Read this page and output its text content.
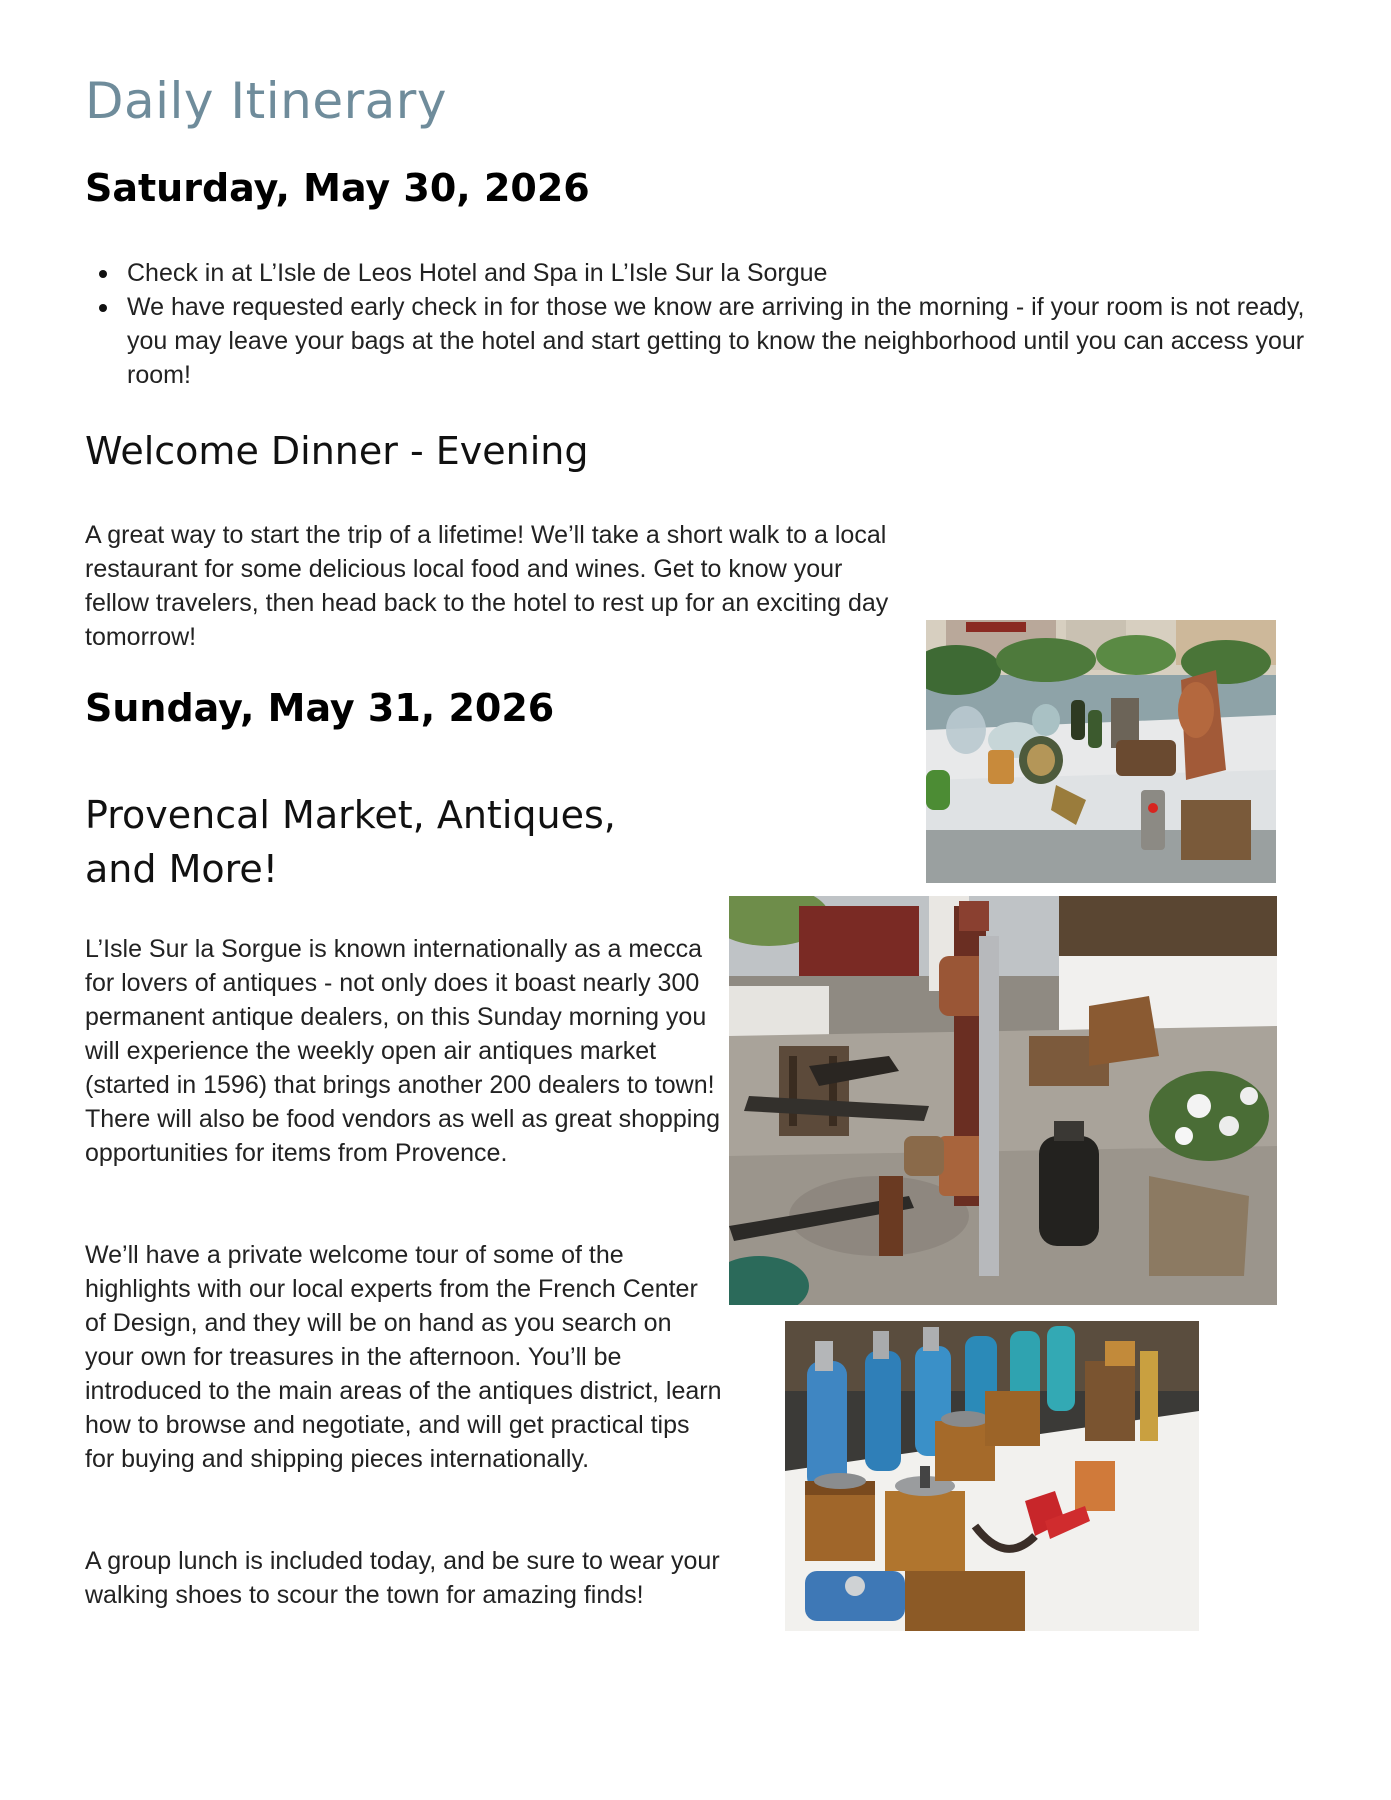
Daily Itinerary
Saturday, May 30, 2026
Check in at L’Isle de Leos Hotel and Spa in L’Isle Sur la Sorgue
We have requested early check in for those we know are arriving in the morning - if your room is not ready, you may leave your bags at the hotel and start getting to know the neighborhood until you can access your room!
Welcome Dinner - Evening

A great way to start the trip of a lifetime! We’ll take a short walk to a local restaurant for some delicious local food and wines. Get to know your fellow travelers, then head back to the hotel to rest up for an exciting day tomorrow!

Sunday, May 31, 2026
Provencal Market, Antiques, and More!

L’Isle Sur la Sorgue is known internationally as a mecca for lovers of antiques - not only does it boast nearly 300 permanent antique dealers, on this Sunday morning you will experience the weekly open air antiques market (started in 1596) that brings another 200 dealers to town! There will also be food vendors as well as great shopping opportunities for items from Provence.

We’ll have a private welcome tour of some of the highlights with our local experts from the French Center of Design, and they will be on hand as you search on your own for treasures in the afternoon. You’ll be introduced to the main areas of the antiques district, learn how to browse and negotiate, and will get practical tips for buying and shipping pieces internationally.

A group lunch is included today, and be sure to wear your walking shoes to scour the town for amazing finds!
